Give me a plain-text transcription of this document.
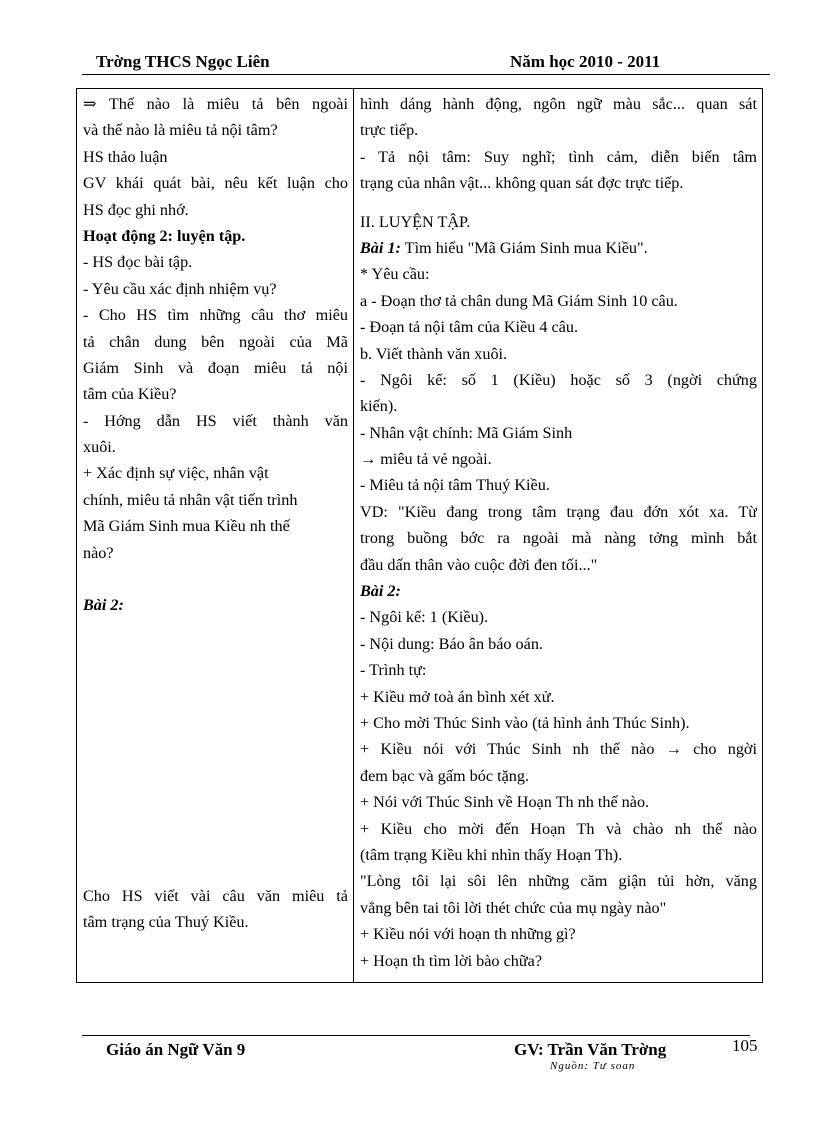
Trờng THCS Ngọc Liên	Năm học 2010 - 2011
⇒ Thế nào là miêu tả bên ngoài
và thế nào là miêu tả nội tâm?
HS thảo luận
GV khái quát bài, nêu kết luận cho
HS đọc ghi nhớ.
Hoạt động 2: luyện tập.
- HS đọc bài tập.
- Yêu cầu xác định nhiệm vụ?
- Cho HS tìm những câu thơ miêu
tả chân dung bên ngoài của Mã
Giám Sinh và đoạn miêu tả nội
tâm của Kiều?
- Hớng dẫn HS viết thành văn
xuôi.
+ Xác định sự việc, nhân vật
chính, miêu tả nhân vật tiến trình
Mã Giám Sinh mua Kiều nh thế
nào?
Bài 2:
Cho HS viết vài câu văn miêu tả
tâm trạng của Thuý Kiều.

hình dáng hành động, ngôn ngữ màu sắc... quan sát
trực tiếp.
- Tả nội tâm: Suy nghĩ; tình cảm, diễn biến tâm
trạng của nhân vật... không quan sát đợc trực tiếp.
II. LUYỆN TẬP.
Bài 1: Tìm hiểu "Mã Giám Sinh mua Kiều".
* Yêu cầu:
a - Đoạn thơ tả chân dung Mã Giám Sinh 10 câu.
- Đoạn tả nội tâm của Kiều 4 câu.
b. Viết thành văn xuôi.
- Ngôi kể: số 1 (Kiều) hoặc số 3 (ngời chứng
kiến).
- Nhân vật chính: Mã Giám Sinh
→ miêu tả vẻ ngoài.
- Miêu tả nội tâm Thuý Kiều.
VD: "Kiều đang trong tâm trạng đau đớn xót xa. Từ
trong buồng bớc ra ngoài mà nàng tởng mình bắt
đầu dấn thân vào cuộc đời đen tối..."
Bài 2:
- Ngôi kể: 1 (Kiều).
- Nội dung: Báo ân báo oán.
- Trình tự:
+ Kiều mở toà án bình xét xử.
+ Cho mời Thúc Sinh vào (tả hình ảnh Thúc Sinh).
+ Kiều nói với Thúc Sinh nh thế nào → cho ngời
đem bạc và gấm bóc tặng.
+ Nói với Thúc Sinh về Hoạn Th nh thế nào.
+ Kiều cho mời đến Hoạn Th và chào nh thế nào
(tâm trạng Kiều khi nhìn thấy Hoạn Th).
"Lòng tôi lại sôi lên những căm giận tủi hờn, văng
vẳng bên tai tôi lời thét chức của mụ ngày nào"
+ Kiều nói với hoạn th những gì?
+ Hoạn th tìm lời bào chữa?
Giáo án Ngữ Văn 9	GV: Trần Văn Trờng	105
Nguồn: Tư soan
